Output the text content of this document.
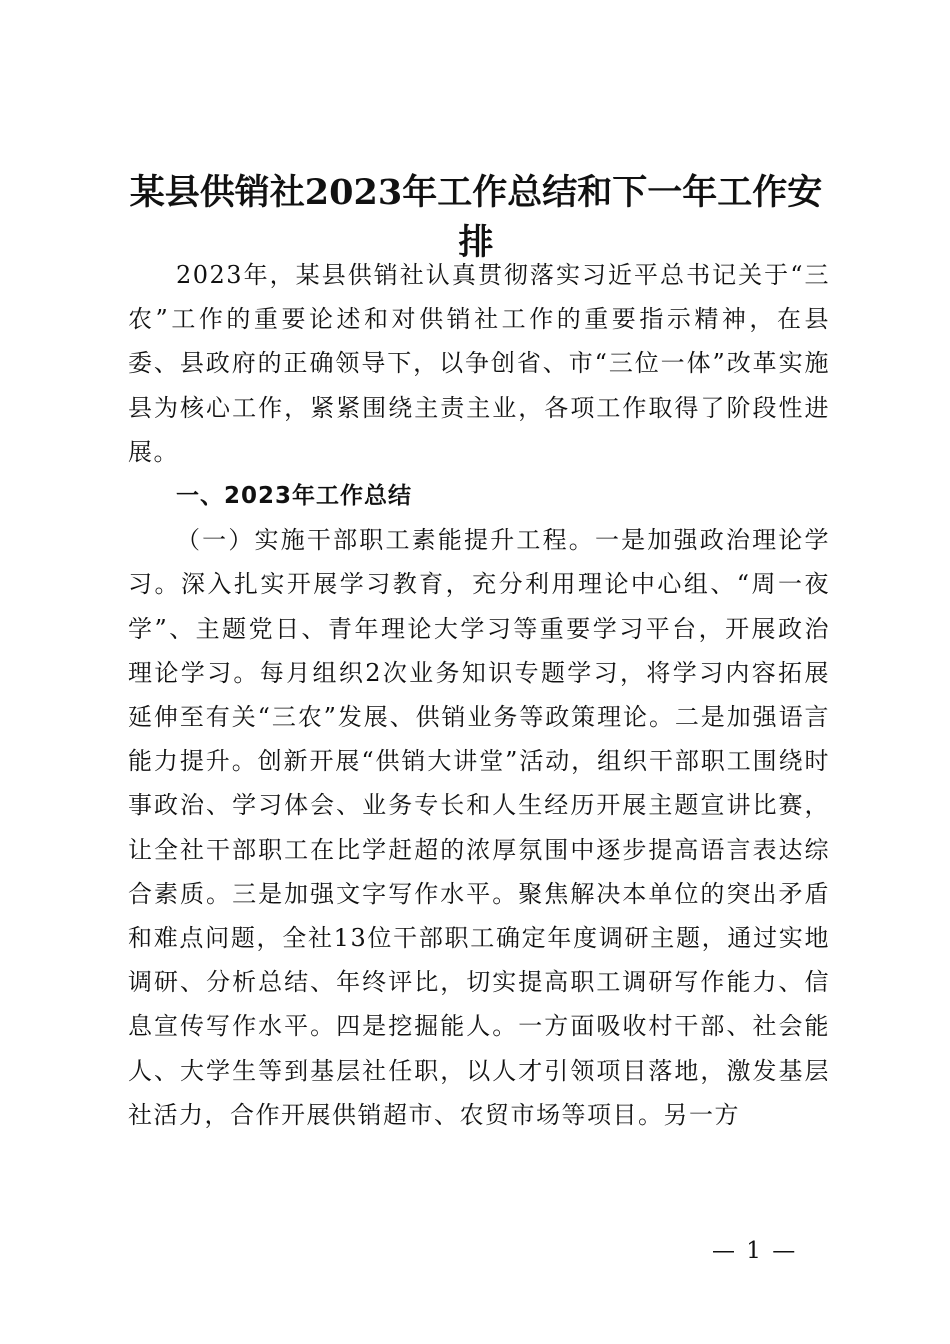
某县供销社2023年工作总结和下一年工作安排

2023年，某县供销社认真贯彻落实习近平总书记关于“三农”工作的重要论述和对供销社工作的重要指示精神，在县委、县政府的正确领导下，以争创省、市“三位一体”改革实施县为核心工作，紧紧围绕主责主业，各项工作取得了阶段性进展。

一、2023年工作总结

（一）实施干部职工素能提升工程。一是加强政治理论学习。深入扎实开展学习教育，充分利用理论中心组、“周一夜学”、主题党日、青年理论大学习等重要学习平台，开展政治理论学习。每月组织2次业务知识专题学习，将学习内容拓展延伸至有关“三农”发展、供销业务等政策理论。二是加强语言能力提升。创新开展“供销大讲堂”活动，组织干部职工围绕时事政治、学习体会、业务专长和人生经历开展主题宣讲比赛，让全社干部职工在比学赶超的浓厚氛围中逐步提高语言表达综合素质。三是加强文字写作水平。聚焦解决本单位的突出矛盾和难点问题，全社13位干部职工确定年度调研主题，通过实地调研、分析总结、年终评比，切实提高职工调研写作能力、信息宣传写作水平。四是挖掘能人。一方面吸收村干部、社会能人、大学生等到基层社任职，以人才引领项目落地，激发基层社活力，合作开展供销超市、农贸市场等项目。另一方

— 1 —
